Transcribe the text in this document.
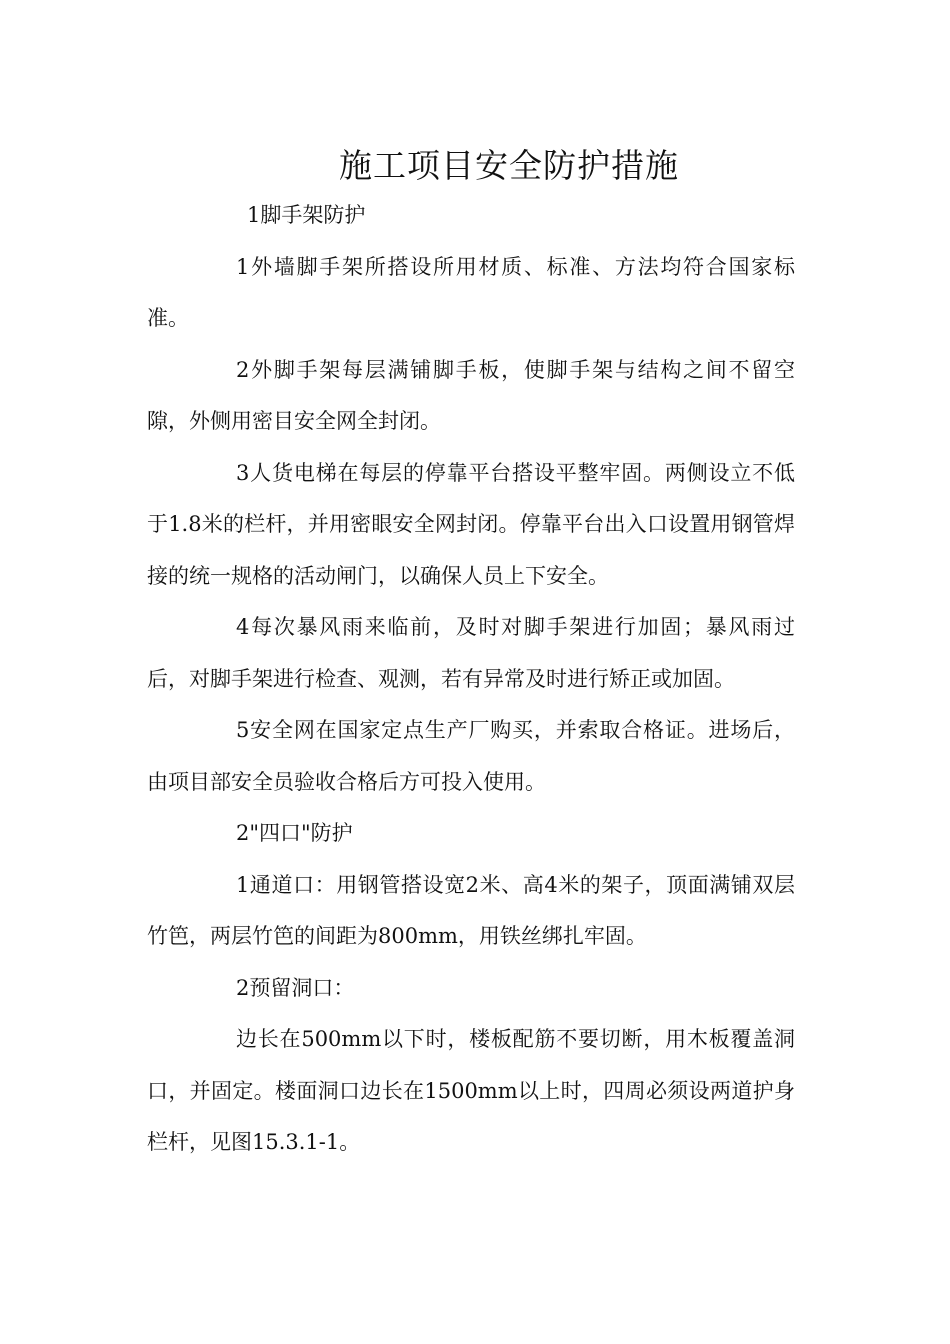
施工项目安全防护措施

1脚手架防护

1外墙脚手架所搭设所用材质、标准、方法均符合国家标准。

2外脚手架每层满铺脚手板，使脚手架与结构之间不留空隙，外侧用密目安全网全封闭。

3人货电梯在每层的停靠平台搭设平整牢固。两侧设立不低于1.8米的栏杆，并用密眼安全网封闭。停靠平台出入口设置用钢管焊接的统一规格的活动闸门，以确保人员上下安全。

4每次暴风雨来临前，及时对脚手架进行加固；暴风雨过后，对脚手架进行检查、观测，若有异常及时进行矫正或加固。

5安全网在国家定点生产厂购买，并索取合格证。进场后，由项目部安全员验收合格后方可投入使用。

2"四口"防护

1通道口：用钢管搭设宽2米、高4米的架子，顶面满铺双层竹笆，两层竹笆的间距为800mm，用铁丝绑扎牢固。

2预留洞口：

边长在500mm以下时，楼板配筋不要切断，用木板覆盖洞口，并固定。楼面洞口边长在1500mm以上时，四周必须设两道护身栏杆，见图15.3.1-1。
